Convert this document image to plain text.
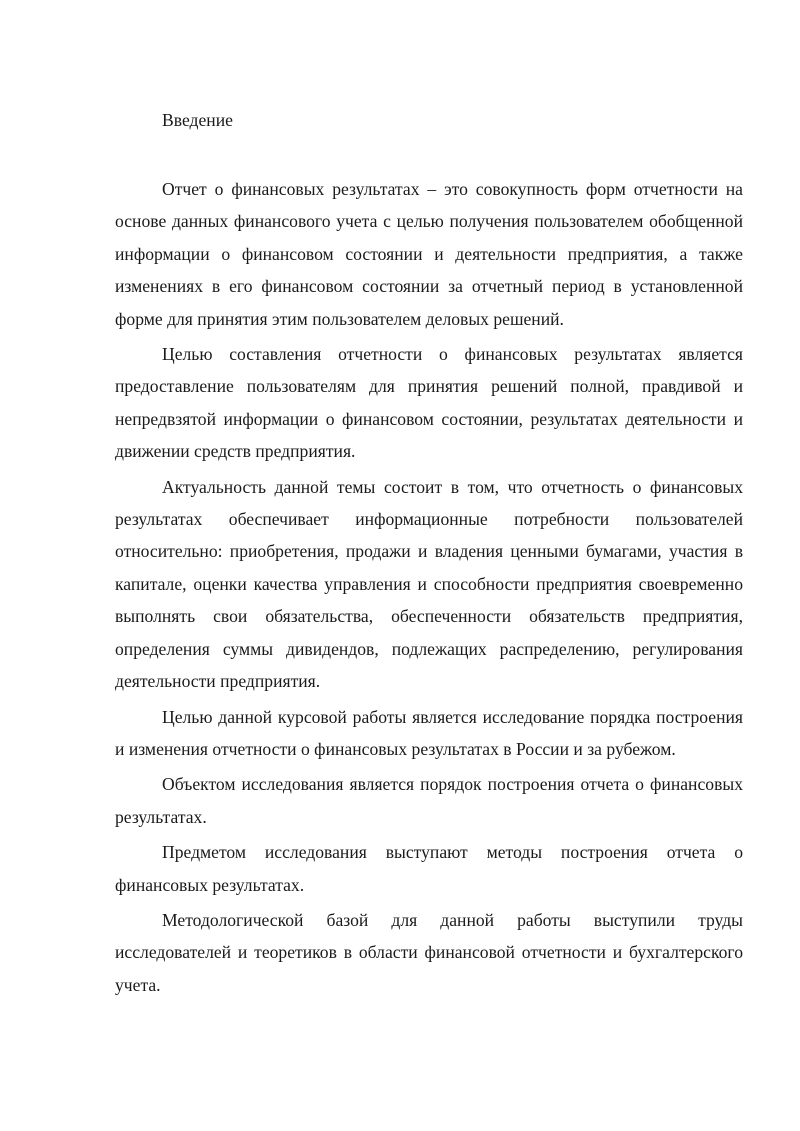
Введение

Отчет о финансовых результатах – это совокупность форм отчетности на основе данных финансового учета с целью получения пользователем обобщенной информации о финансовом состоянии и деятельности предприятия, а также изменениях в его финансовом состоянии за отчетный период в установленной форме для принятия этим пользователем деловых решений.

Целью составления отчетности о финансовых результатах является предоставление пользователям для принятия решений полной, правдивой и непредвзятой информации о финансовом состоянии, результатах деятельности и движении средств предприятия.

Актуальность данной темы состоит в том, что отчетность о финансовых результатах обеспечивает информационные потребности пользователей относительно: приобретения, продажи и владения ценными бумагами, участия в капитале, оценки качества управления и способности предприятия своевременно выполнять свои обязательства, обеспеченности обязательств предприятия, определения суммы дивидендов, подлежащих распределению, регулирования деятельности предприятия.

Целью данной курсовой работы является исследование порядка построения и изменения отчетности о финансовых результатах в России и за рубежом.

Объектом исследования является порядок построения отчета о финансовых результатах.

Предметом исследования выступают методы построения отчета о финансовых результатах.

Методологической базой для данной работы выступили труды исследователей и теоретиков в области финансовой отчетности и бухгалтерского учета.
